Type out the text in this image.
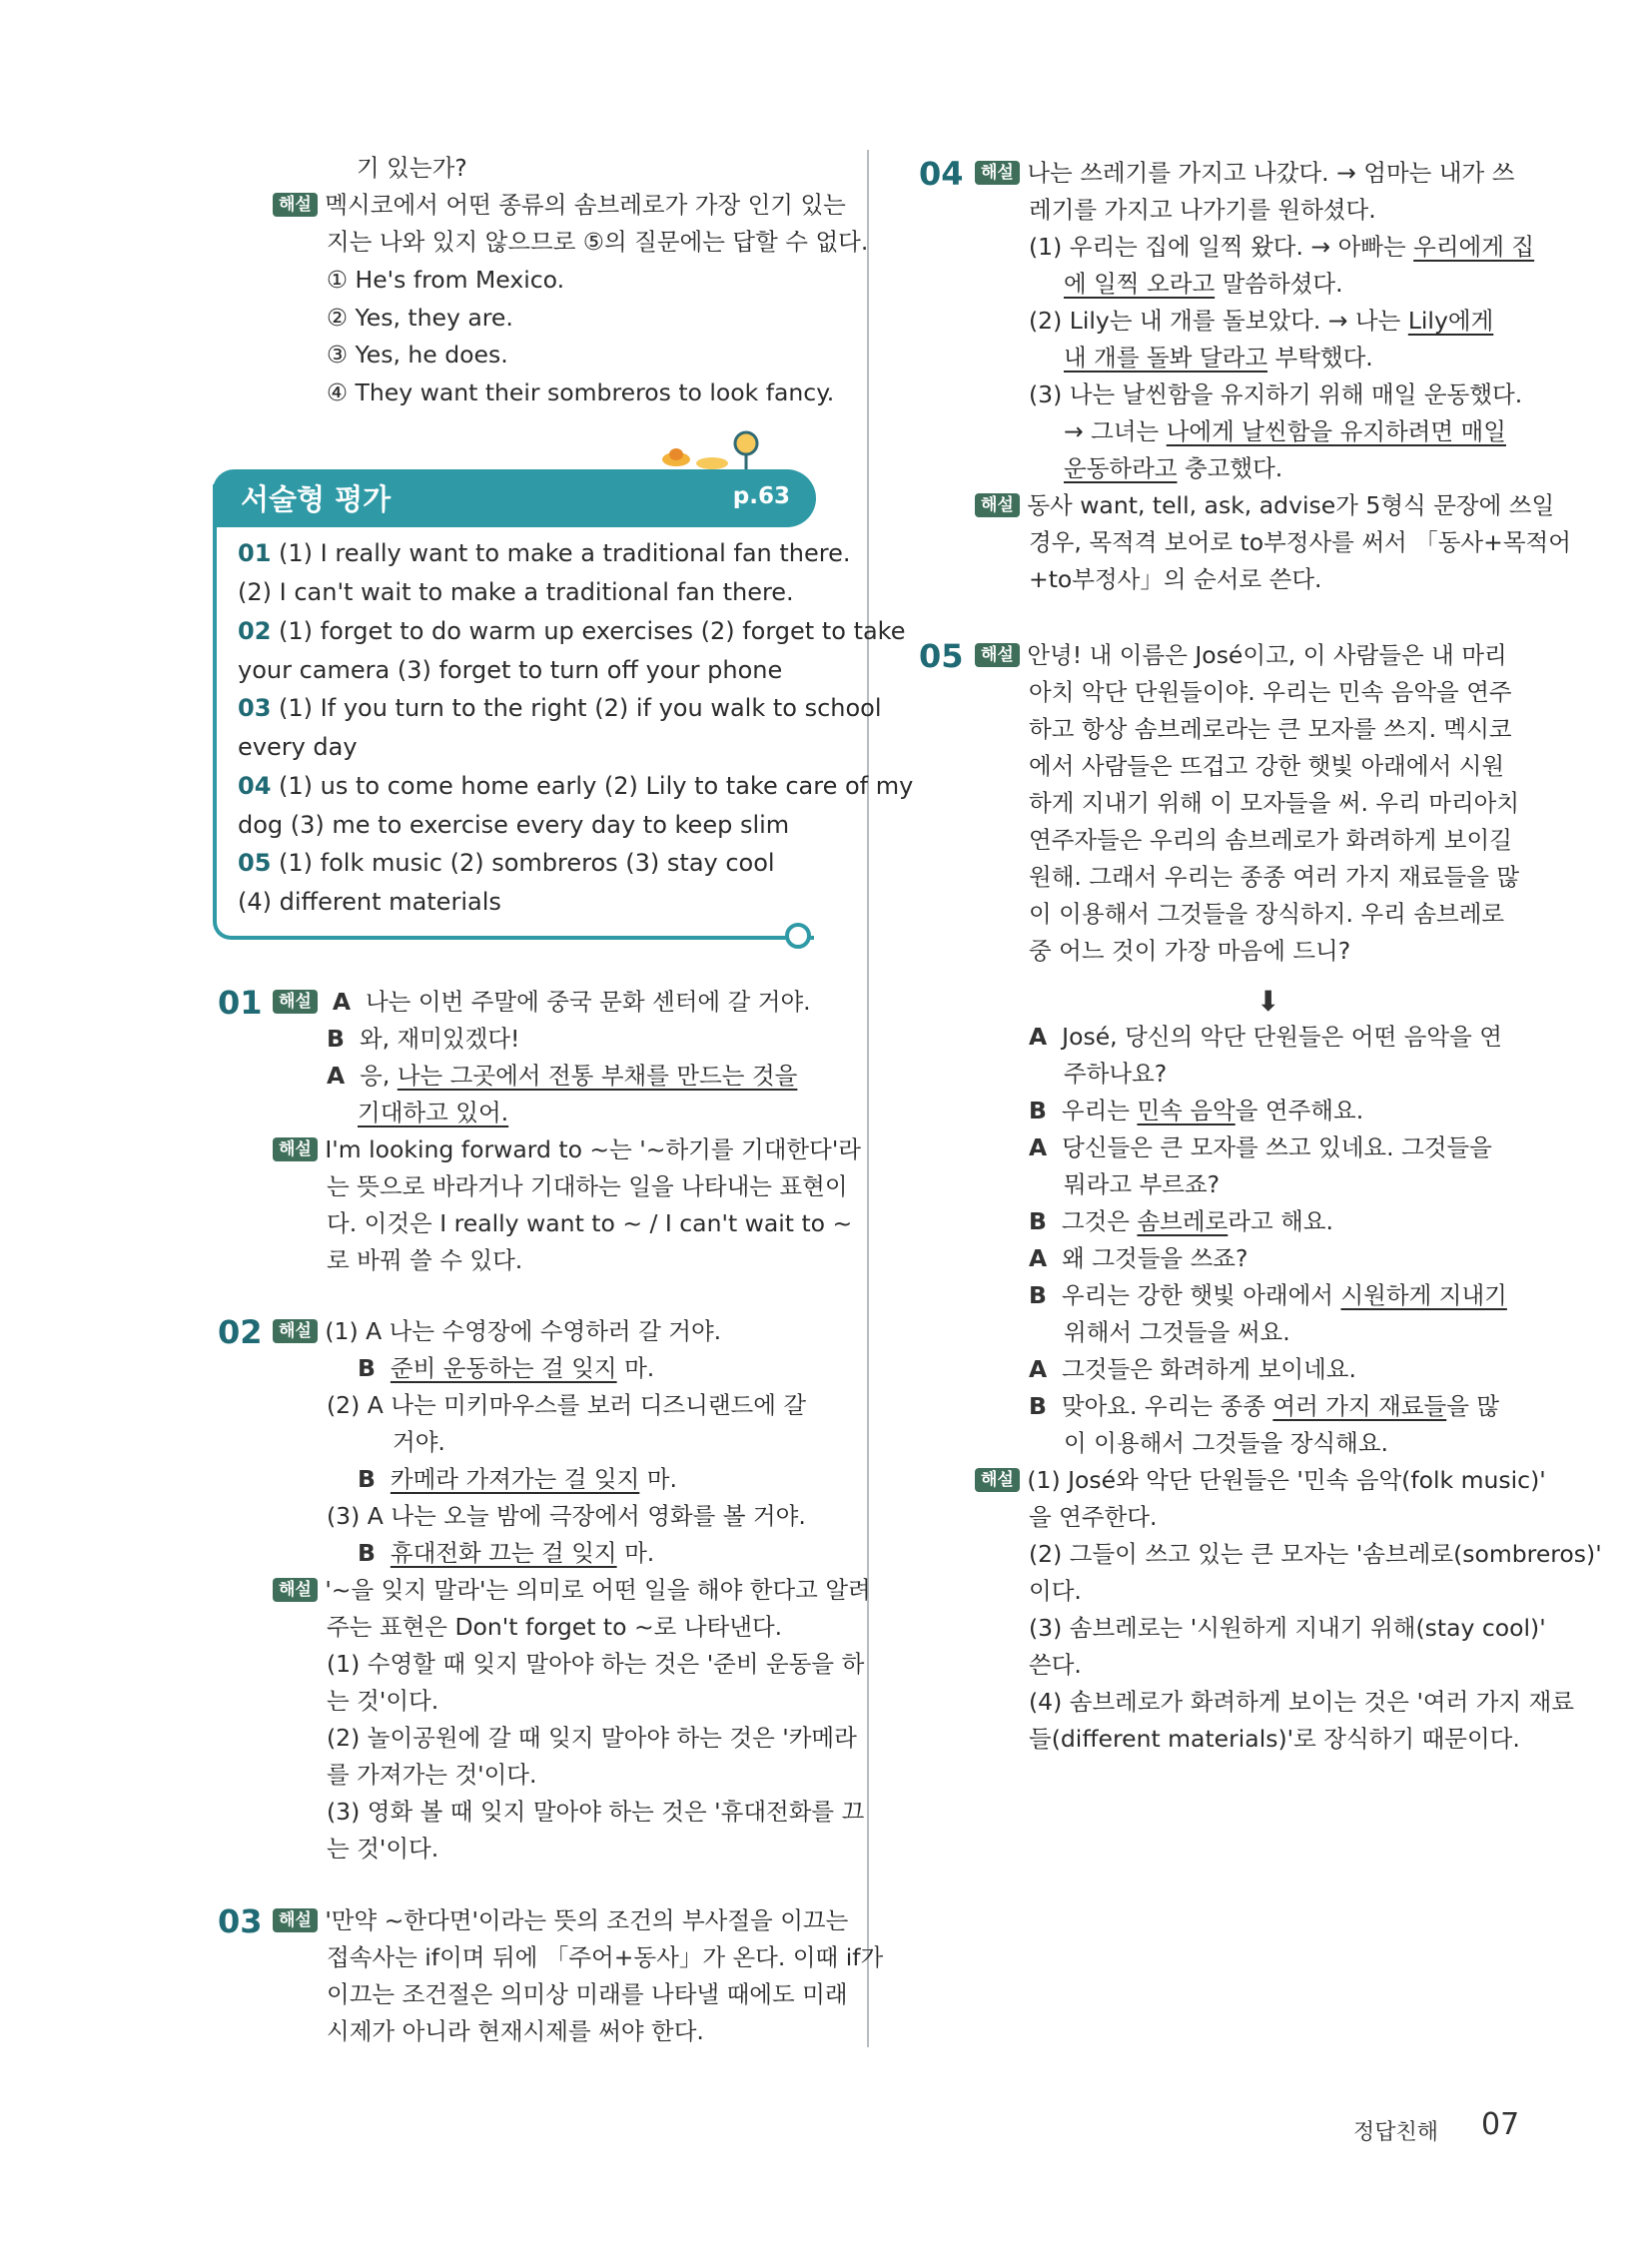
기 있는가?
해설 멕시코에서 어떤 종류의 솜브레로가 가장 인기 있는
지는 나와 있지 않으므로 ⑤의 질문에는 답할 수 없다.
① He's from Mexico.
② Yes, they are.
③ Yes, he does.
④ They want their sombreros to look fancy.
서술형 평가	p.63
01 (1) I really want to make a traditional fan there.
(2) I can't wait to make a traditional fan there.
02 (1) forget to do warm up exercises (2) forget to take
your camera (3) forget to turn off your phone
03 (1) If you turn to the right (2) if you walk to school
every day
04 (1) us to come home early (2) Lily to take care of my
dog (3) me to exercise every day to keep slim
05 (1) folk music (2) sombreros (3) stay cool
(4) different materials
01 해설 A 나는 이번 주말에 중국 문화 센터에 갈 거야.
B 와, 재미있겠다!
A 응, 나는 그곳에서 전통 부채를 만드는 것을
기대하고 있어.
해설 I'm looking forward to ~는 '~하기를 기대한다'라
는 뜻으로 바라거나 기대하는 일을 나타내는 표현이
다. 이것은 I really want to ~ / I can't wait to ~
로 바꿔 쓸 수 있다.
02 해설 (1) A 나는 수영장에 수영하러 갈 거야.
B 준비 운동하는 걸 잊지 마.
(2) A 나는 미키마우스를 보러 디즈니랜드에 갈
거야.
B 카메라 가져가는 걸 잊지 마.
(3) A 나는 오늘 밤에 극장에서 영화를 볼 거야.
B 휴대전화 끄는 걸 잊지 마.
해설 '~을 잊지 말라'는 의미로 어떤 일을 해야 한다고 알려
주는 표현은 Don't forget to ~로 나타낸다.
(1) 수영할 때 잊지 말아야 하는 것은 '준비 운동을 하
는 것'이다.
(2) 놀이공원에 갈 때 잊지 말아야 하는 것은 '카메라
를 가져가는 것'이다.
(3) 영화 볼 때 잊지 말아야 하는 것은 '휴대전화를 끄
는 것'이다.
03 해설 '만약 ~한다면'이라는 뜻의 조건의 부사절을 이끄는
접속사는 if이며 뒤에 「주어+동사」가 온다. 이때 if가
이끄는 조건절은 의미상 미래를 나타낼 때에도 미래
시제가 아니라 현재시제를 써야 한다.
04	해설 나는 쓰레기를 가지고 나갔다. → 엄마는 내가 쓰
레기를 가지고 나가기를 원하셨다.
(1) 우리는 집에 일찍 왔다. → 아빠는 우리에게 집
에 일찍 오라고 말씀하셨다.
(2) Lily는 내 개를 돌보았다. → 나는 Lily에게
내 개를 돌봐 달라고 부탁했다.
(3) 나는 날씬함을 유지하기 위해 매일 운동했다.
→ 그녀는 나에게 날씬함을 유지하려면 매일
운동하라고 충고했다.
해설 동사 want, tell, ask, advise가 5형식 문장에 쓰일
경우, 목적격 보어로 to부정사를 써서 「동사+목적어
+to부정사」의 순서로 쓴다.
05	해설 안녕! 내 이름은 José이고, 이 사람들은 내 마리
아치 악단 단원들이야. 우리는 민속 음악을 연주
하고 항상 솜브레로라는 큰 모자를 쓰지. 멕시코
에서 사람들은 뜨겁고 강한 햇빛 아래에서 시원
하게 지내기 위해 이 모자들을 써. 우리 마리아치
연주자들은 우리의 솜브레로가 화려하게 보이길
원해. 그래서 우리는 종종 여러 가지 재료들을 많
이 이용해서 그것들을 장식하지. 우리 솜브레로
중 어느 것이 가장 마음에 드니?
⬇
A José, 당신의 악단 단원들은 어떤 음악을 연
주하나요?
B 우리는 민속 음악을 연주해요.
A 당신들은 큰 모자를 쓰고 있네요. 그것들을
뭐라고 부르죠?
B 그것은 솜브레로라고 해요.
A 왜 그것들을 쓰죠?
B 우리는 강한 햇빛 아래에서 시원하게 지내기
위해서 그것들을 써요.
A 그것들은 화려하게 보이네요.
B 맞아요. 우리는 종종 여러 가지 재료들을 많
이 이용해서 그것들을 장식해요.
해설 (1) José와 악단 단원들은 '민속 음악(folk music)'
을 연주한다.
(2) 그들이 쓰고 있는 큰 모자는 '솜브레로(sombreros)'
이다.
(3) 솜브레로는 '시원하게 지내기 위해(stay cool)'
쓴다.
(4) 솜브레로가 화려하게 보이는 것은 '여러 가지 재료
들(different materials)'로 장식하기 때문이다.
정답친해 07
